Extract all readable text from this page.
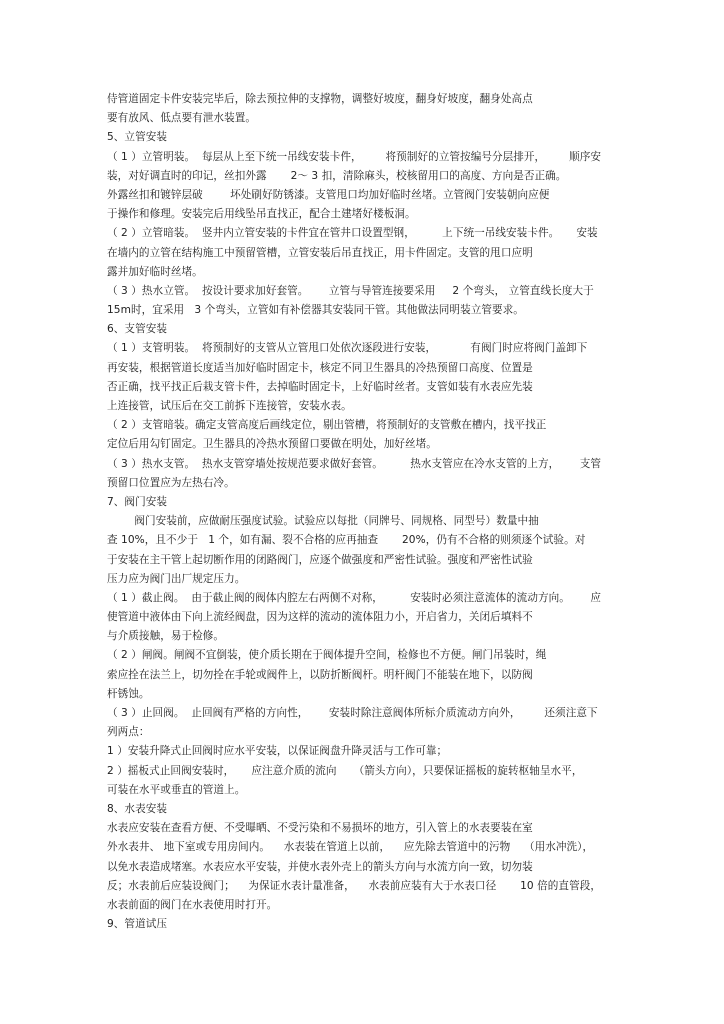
侍管道固定卡件安装完毕后，除去预拉伸的支撑物，调整好坡度，翻身好坡度，翻身处高点
要有放风、低点要有泄水装置。
5、立管安装
（ 1 ）立管明装。  每层从上至下统一吊线安装卡件，       将预制好的立管按编号分层排开，       顺序安
装，对好调直时的印记，丝扣外露       2～ 3 扣，清除麻头，校核留用口的高度、方向是否正确。
外露丝扣和镀锌层破        坏处刷好防锈漆。支管甩口均加好临时丝堵。立管阀门安装朝向应便
于操作和修理。安装完后用线坠吊直找正，配合土建堵好楼板洞。
（ 2 ）立管暗装。  竖井内立管安装的卡件宜在管井口设置型钢，        上下统一吊线安装卡件。     安装
在墙内的立管在结构施工中预留管槽，立管安装后吊直找正，用卡件固定。支管的甩口应明
露并加好临时丝堵。
（ 3 ）热水立管。  按设计要求加好套管。      立管与导管连接要采用     2 个弯头， 立管直线长度大于
15m时，宜采用   3 个弯头，立管如有补偿器其安装同干管。其他做法同明装立管要求。
6、支管安装
（ 1 ）支管明装。  将预制好的支管从立管甩口处依次逐段进行安装，          有阀门时应将阀门盖卸下
再安装，根据管道长度适当加好临时固定卡，核定不同卫生器具的冷热预留口高度、位置是
否正确，找平找正后栽支管卡件，去掉临时固定卡，上好临时丝者。支管如装有水表应先装
上连接管，试压后在交工前拆下连接管，安装水表。
（ 2 ）支管暗装。确定支管高度后画线定位，剔出管槽，将预制好的支管敷在槽内，找平找正
定位后用勾钉固定。卫生器具的冷热水预留口要做在明处，加好丝堵。
（ 3 ）热水支管。  热水支管穿墙处按规范要求做好套管。        热水支管应在冷水支管的上方，      支管
预留口位置应为左热右冷。
7、阀门安装
阀门安装前，应做耐压强度试验。试验应以每批（同牌号、同规格、同型号）数量中抽
查 10%，且不少于   1 个，如有漏、裂不合格的应再抽查       20%，仍有不合格的则须逐个试验。对
于安装在主干管上起切断作用的闭路阀门，应逐个做强度和严密性试验。强度和严密性试验
压力应为阀门出厂规定压力。
（ 1 ）截止阀。  由于截止阀的阀体内腔左右两侧不对称，        安装时必须注意流体的流动方向。      应
使管道中液体由下向上流经阀盘，因为这样的流动的流体阻力小，开启省力，关闭后填料不
与介质接触，易于检修。
（ 2 ）闸阀。闸阀不宜倒装，使介质长期在于阀体提升空间，检修也不方便。闸门吊装时，绳
索应拴在法兰上，切勿拴在手轮或阀件上，以防折断阀杆。明杆阀门不能装在地下，以防阀
杆锈蚀。
（ 3 ）止回阀。  止回阀有严格的方向性，      安装时除注意阀体所标介质流动方向外，       还须注意下
列两点：
1 ）安装升降式止回阀时应水平安装，以保证阀盘升降灵活与工作可靠；
2 ）摇板式止回阀安装时，     应注意介质的流向     （箭头方向），只要保证摇板的旋转枢轴呈水平，
可装在水平或垂直的管道上。
8、水表安装
水表应安装在查看方便、不受曝晒、不受污染和不易损坏的地方，引入管上的水表要装在室
外水表井、 地下室或专用房间内。    水表装在管道上以前，    应先除去管道中的污物    （用水冲洗），
以免水表造成堵塞。水表应水平安装，并使水表外壳上的箭头方向与水流方向一致，切勿装
反；水表前后应装设阀门；    为保证水表计量准备，    水表前应装有大于水表口径       10 倍的直管段，
水表前面的阀门在水表使用时打开。
9、管道试压
